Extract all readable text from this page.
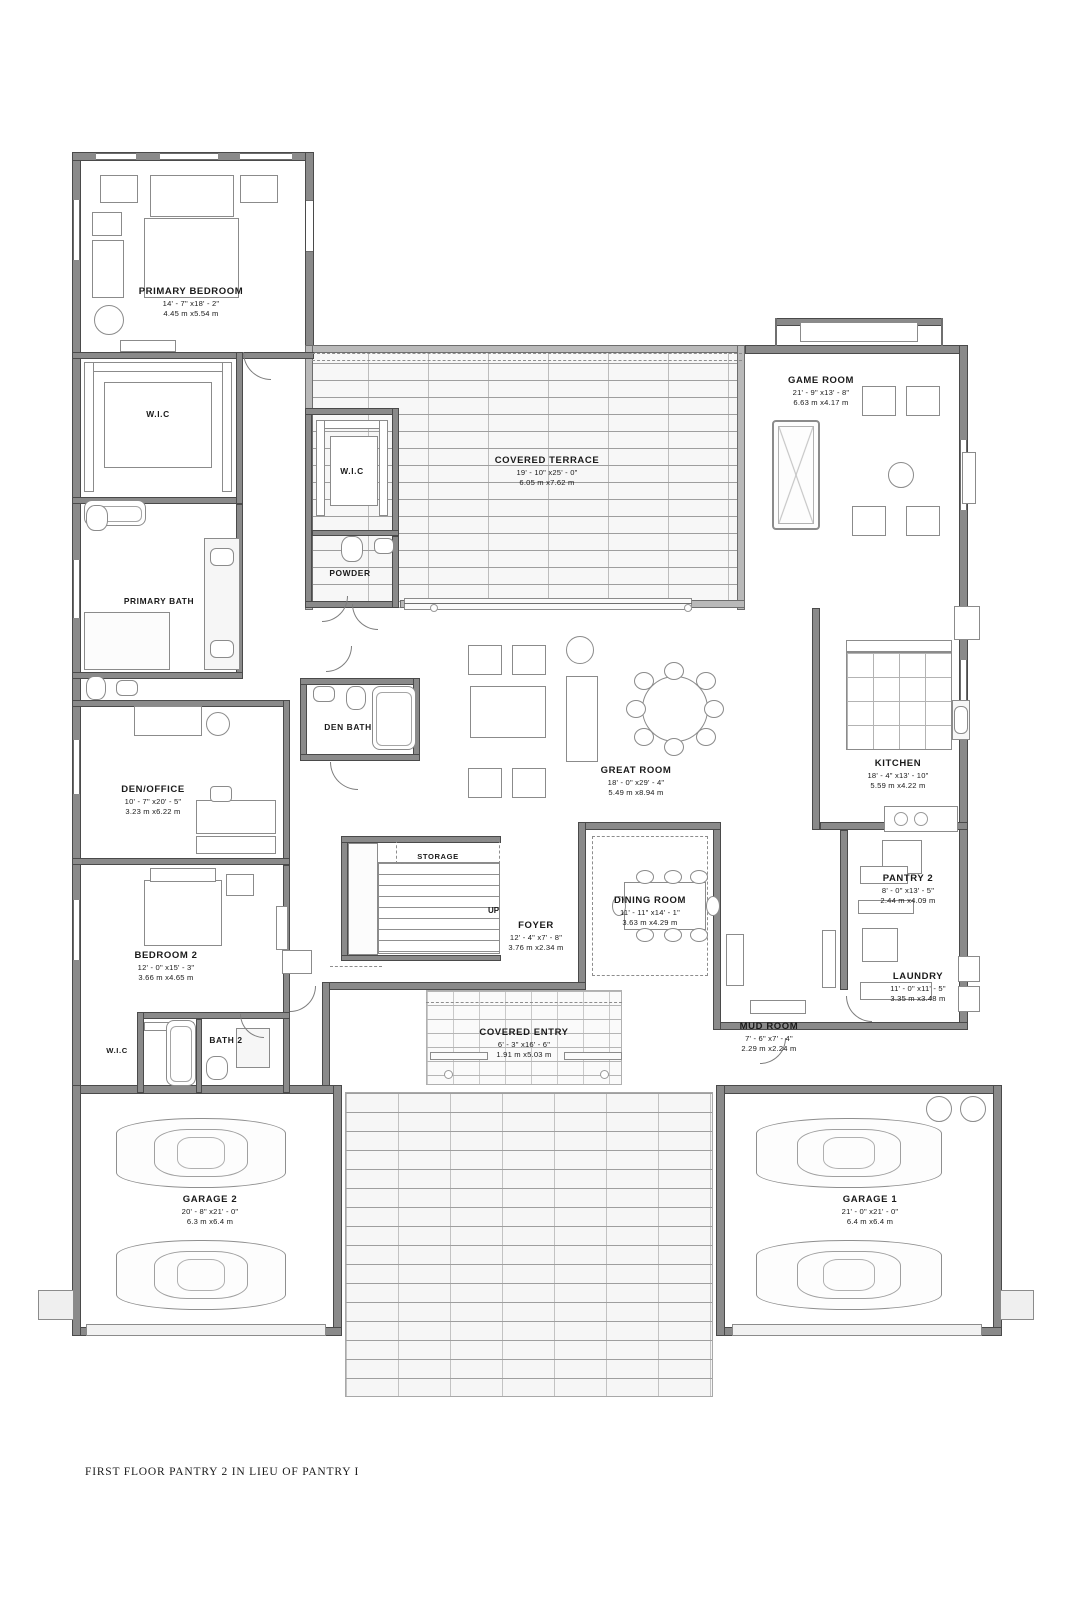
UP
PRIMARY BEDROOM
14' - 7" x18' - 2"
4.45 m x5.54 m
W.I.C
W.I.C
POWDER
PRIMARY BATH
DEN/OFFICE
10' - 7" x20' - 5"
3.23 m x6.22 m
DEN BATH
BEDROOM 2
12' - 0" x15' - 3"
3.66 m x4.65 m
W.I.C
BATH 2
GARAGE 2
20' - 8" x21' - 0"
6.3 m x6.4 m
COVERED TERRACE
19' - 10" x25' - 0"
6.05 m x7.62 m
GREAT ROOM
18' - 0" x29' - 4"
5.49 m x8.94 m
STORAGE
FOYER
12' - 4" x7' - 8"
3.76 m x2.34 m
COVERED ENTRY
6' - 3" x16' - 6"
1.91 m x5.03 m
DINING ROOM
11' - 11" x14' - 1"
3.63 m x4.29 m
GAME ROOM
21' - 9" x13' - 8"
6.63 m x4.17 m
KITCHEN
18' - 4" x13' - 10"
5.59 m x4.22 m
PANTRY 2
8' - 0" x13' - 5"
2.44 m x4.09 m
LAUNDRY
11' - 0" x11' - 5"
3.35 m x3.48 m
MUD ROOM
7' - 6" x7' - 4"
2.29 m x2.24 m
GARAGE 1
21' - 0" x21' - 0"
6.4 m x6.4 m
FIRST FLOOR PANTRY 2 IN LIEU OF PANTRY I
